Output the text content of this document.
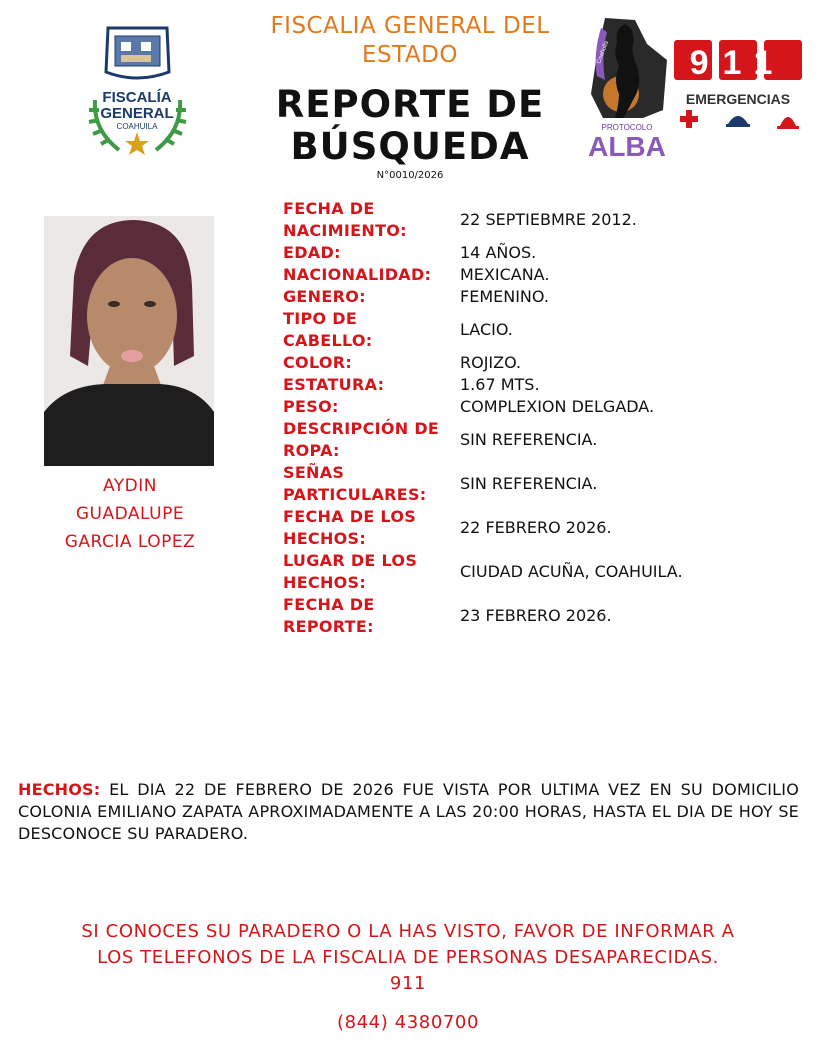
FISCALIA GENERAL DEL ESTADO
REPORTE DE
BÚSQUEDA
N°0010/2026
FISCALÍA
GENERAL
COAHUILA
Coahuila
PROTOCOLO
ALBA
911
EMERGENCIAS
AYDIN
GUADALUPE
GARCIA LOPEZ
FECHA DE NACIMIENTO:
22 SEPTIEBMRE 2012.
EDAD:	14 AÑOS.
NACIONALIDAD:	MEXICANA.
GENERO:	FEMENINO.
TIPO DE CABELLO:
LACIO.
COLOR:	ROJIZO.
ESTATURA:	1.67 MTS.
PESO:	COMPLEXION DELGADA.
DESCRIPCIÓN DE ROPA:
SIN REFERENCIA.
SEÑAS PARTICULARES:
SIN REFERENCIA.
FECHA DE LOS HECHOS:
22 FEBRERO 2026.
LUGAR DE LOS HECHOS:
CIUDAD ACUÑA, COAHUILA.
FECHA DE REPORTE:
23 FEBRERO 2026.
HECHOS: EL DIA 22 DE FEBRERO DE 2026 FUE VISTA POR ULTIMA VEZ EN SU DOMICILIO COLONIA EMILIANO ZAPATA APROXIMADAMENTE A LAS 20:00 HORAS, HASTA EL DIA DE HOY SE DESCONOCE SU PARADERO.
SI CONOCES SU PARADERO O LA HAS VISTO, FAVOR DE INFORMAR A
LOS TELEFONOS DE LA FISCALIA DE PERSONAS DESAPARECIDAS.
911
(844) 4380700
